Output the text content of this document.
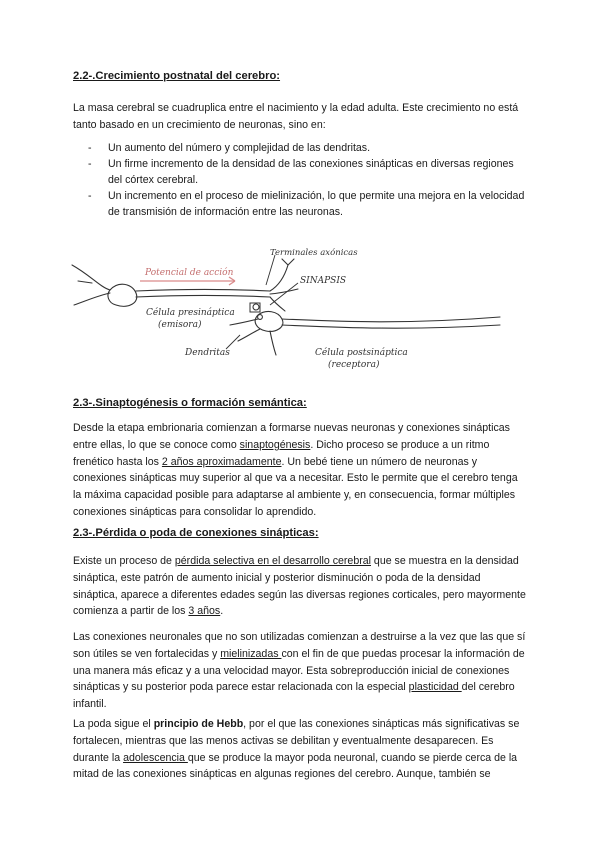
2.2-.Crecimiento postnatal del cerebro:

La masa cerebral se cuadruplica entre el nacimiento y la edad adulta. Este crecimiento no está tanto basado en un crecimiento de neuronas, sino en:

- Un aumento del número y complejidad de las dendritas.
- Un firme incremento de la densidad de las conexiones sinápticas en diversas regiones del córtex cerebral.
- Un incremento en el proceso de mielinización, lo que permite una mejora en la velocidad de transmisión de información entre las neuronas.
Potencial de acción
Terminales axónicas
SINAPSIS
Célula presináptica
(emisora)
Dendritas	Célula postsináptica
(receptora)

2.3-.Sinaptogénesis o formación semántica:

Desde la etapa embrionaria comienzan a formarse nuevas neuronas y conexiones sinápticas entre ellas, lo que se conoce como sinaptogénesis. Dicho proceso se produce a un ritmo frenético hasta los 2 años aproximadamente. Un bebé tiene un número de neuronas y conexiones sinápticas muy superior al que va a necesitar. Esto le permite que el cerebro tenga la máxima capacidad posible para adaptarse al ambiente y, en consecuencia, formar múltiples conexiones sinápticas para consolidar lo aprendido.

2.3-.Pérdida o poda de conexiones sinápticas:

Existe un proceso de pérdida selectiva en el desarrollo cerebral que se muestra en la densidad sináptica, este patrón de aumento inicial y posterior disminución o poda de la densidad sináptica, aparece a diferentes edades según las diversas regiones corticales, pero mayormente comienza a partir de los 3 años.

Las conexiones neuronales que no son utilizadas comienzan a destruirse a la vez que las que sí son útiles se ven fortalecidas y mielinizadas con el fin de que puedas procesar la información de una manera más eficaz y a una velocidad mayor. Esta sobreproducción inicial de conexiones sinápticas y su posterior poda parece estar relacionada con la especial plasticidad del cerebro infantil.

La poda sigue el principio de Hebb, por el que las conexiones sinápticas más significativas se fortalecen, mientras que las menos activas se debilitan y eventualmente desaparecen. Es durante la adolescencia que se produce la mayor poda neuronal, cuando se pierde cerca de la mitad de las conexiones sinápticas en algunas regiones del cerebro. Aunque, también se
